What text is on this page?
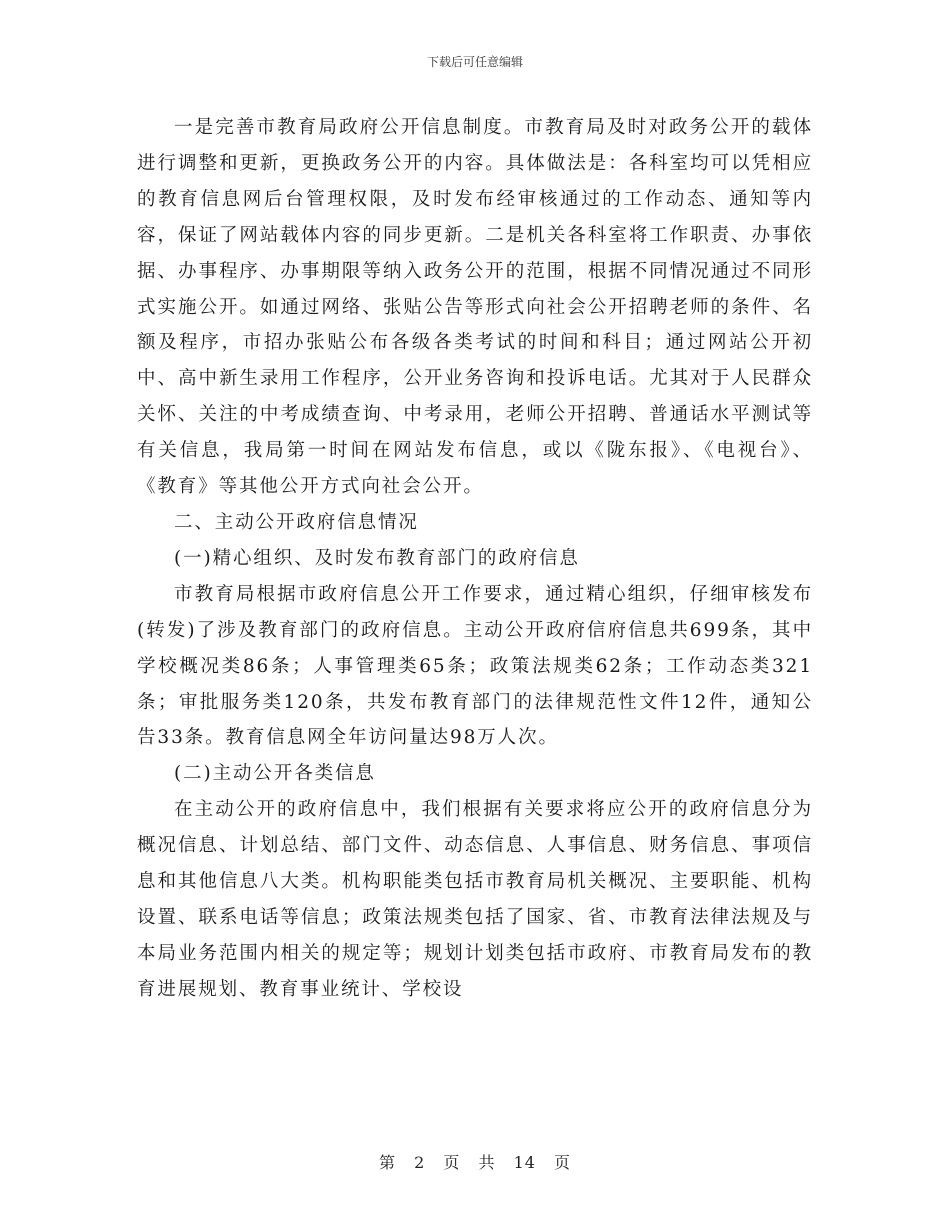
下载后可任意编辑

一是完善市教育局政府公开信息制度。市教育局及时对政务公开的载体进行调整和更新，更换政务公开的内容。具体做法是：各科室均可以凭相应的教育信息网后台管理权限，及时发布经审核通过的工作动态、通知等内容，保证了网站载体内容的同步更新。二是机关各科室将工作职责、办事依据、办事程序、办事期限等纳入政务公开的范围，根据不同情况通过不同形式实施公开。如通过网络、张贴公告等形式向社会公开招聘老师的条件、名额及程序，市招办张贴公布各级各类考试的时间和科目；通过网站公开初中、高中新生录用工作程序，公开业务咨询和投诉电话。尤其对于人民群众关怀、关注的中考成绩查询、中考录用，老师公开招聘、普通话水平测试等有关信息，我局第一时间在网站发布信息，或以《陇东报》、《电视台》、《教育》等其他公开方式向社会公开。

二、主动公开政府信息情况

(一)精心组织、及时发布教育部门的政府信息

市教育局根据市政府信息公开工作要求，通过精心组织，仔细审核发布(转发)了涉及教育部门的政府信息。主动公开政府信府信息共699条，其中学校概况类86条；人事管理类65条；政策法规类62条；工作动态类321条；审批服务类120条，共发布教育部门的法律规范性文件12件，通知公告33条。教育信息网全年访问量达98万人次。

(二)主动公开各类信息

在主动公开的政府信息中，我们根据有关要求将应公开的政府信息分为概况信息、计划总结、部门文件、动态信息、人事信息、财务信息、事项信息和其他信息八大类。机构职能类包括市教育局机关概况、主要职能、机构设置、联系电话等信息；政策法规类包括了国家、省、市教育法律法规及与本局业务范围内相关的规定等；规划计划类包括市政府、市教育局发布的教育进展规划、教育事业统计、学校设

第 2 页 共 14 页
